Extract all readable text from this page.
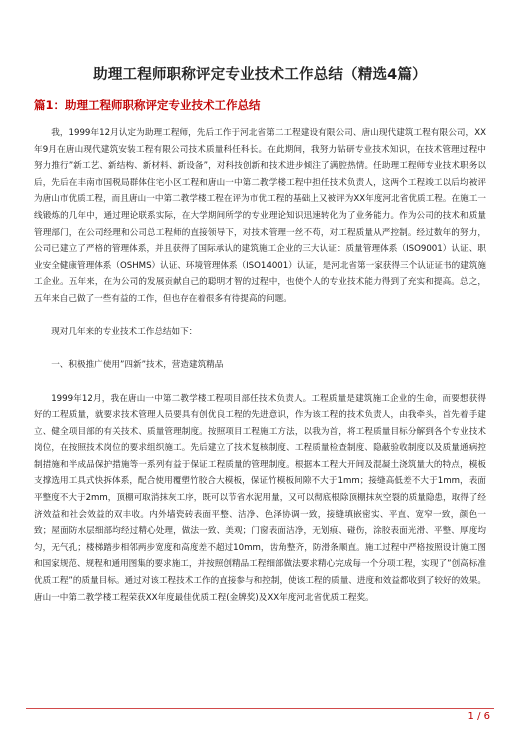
助理工程师职称评定专业技术工作总结（精选4篇）
篇1：助理工程师职称评定专业技术工作总结

我，1999年12月认定为助理工程师，先后工作于河北省第二工程建设有限公司、唐山现代建筑工程有限公司，XX年9月在唐山现代建筑安装工程有限公司技术质量科任科长。在此期间，我努力钻研专业技术知识，在技术管理过程中努力推行”新工艺、新结构、新材料、新设备”，对科技创新和技术进步倾注了满腔热情。任助理工程师专业技术职务以后，先后在丰南市国税局群体住宅小区工程和唐山一中第二教学楼工程中担任技术负责人，这两个工程竣工以后均被评为唐山市优质工程，而且唐山一中第二教学楼工程在评为市优工程的基础上又被评为XX年度河北省优质工程。在施工一线锻炼的几年中，通过理论联系实际，在大学期间所学的专业理论知识迅速转化为了业务能力。作为公司的技术和质量管理部门，在公司经理和公司总工程师的直接领导下，对技术管理一丝不苟，对工程质量从严控制。经过数年的努力，公司已建立了严格的管理体系，并且获得了国际承认的建筑施工企业的三大认证：质量管理体系（ISO9001）认证、职业安全健康管理体系（OSHMS）认证、环境管理体系（ISO14001）认证，是河北省第一家获得三个认证证书的建筑施工企业。五年来，在为公司的发展贡献自己的聪明才智的过程中，也使个人的专业技术能力得到了充实和提高。总之，五年来自己做了一些有益的工作，但也存在着很多有待提高的问题。

现对几年来的专业技术工作总结如下：

一、积极推广使用”四新”技术，营造建筑精品

1999年12月，我在唐山一中第二教学楼工程项目部任技术负责人。工程质量是建筑施工企业的生命，而要想获得好的工程质量，就要求技术管理人员要具有创优良工程的先进意识，作为该工程的技术负责人，由我牵头，首先着手建立、健全项目部的有关技术、质量管理制度。按照项目工程施工方法，以我为首，将工程质量目标分解到各个专业技术岗位，在按照技术岗位的要求组织施工。先后建立了技术复核制度、工程质量检查制度、隐蔽验收制度以及质量通病控制措施和半成品保护措施等一系列有益于保证工程质量的管理制度。根据本工程大开间及混凝土浇筑量大的特点，模板支撑选用工具式快拆体系，配合使用覆塑竹胶合大模板，保证竹模板间隙不大于1mm；接缝高低差不大于1mm，表面平整度不大于2mm，顶棚可取消抹灰工序，既可以节省水泥用量，又可以彻底根除顶棚抹灰空裂的质量隐患，取得了经济效益和社会效益的双丰收。内外墙瓷砖表面平整、洁净、色泽协调一致，接缝填嵌密实、平直、宽窄一致，颜色一致；屋面防水层细部均经过精心处理，做法一致、美观；门窗表面洁净，无划痕、碰伤，涂胶表面光滑、平整、厚度均匀，无气孔；楼梯踏步相邻两步宽度和高度差不超过10mm，齿角整齐，防滑条顺直。施工过程中严格按照设计施工图和国家规范、规程和通用图集的要求施工，并按照创精品工程细部做法要求精心完成每一个分项工程，实现了”创高标准优质工程”的质量目标。通过对该工程技术工作的直接参与和控制，使该工程的质量、进度和效益都收到了较好的效果。唐山一中第二教学楼工程荣获XX年度最佳优质工程(金牌奖)及XX年度河北省优质工程奖。

1 / 6
